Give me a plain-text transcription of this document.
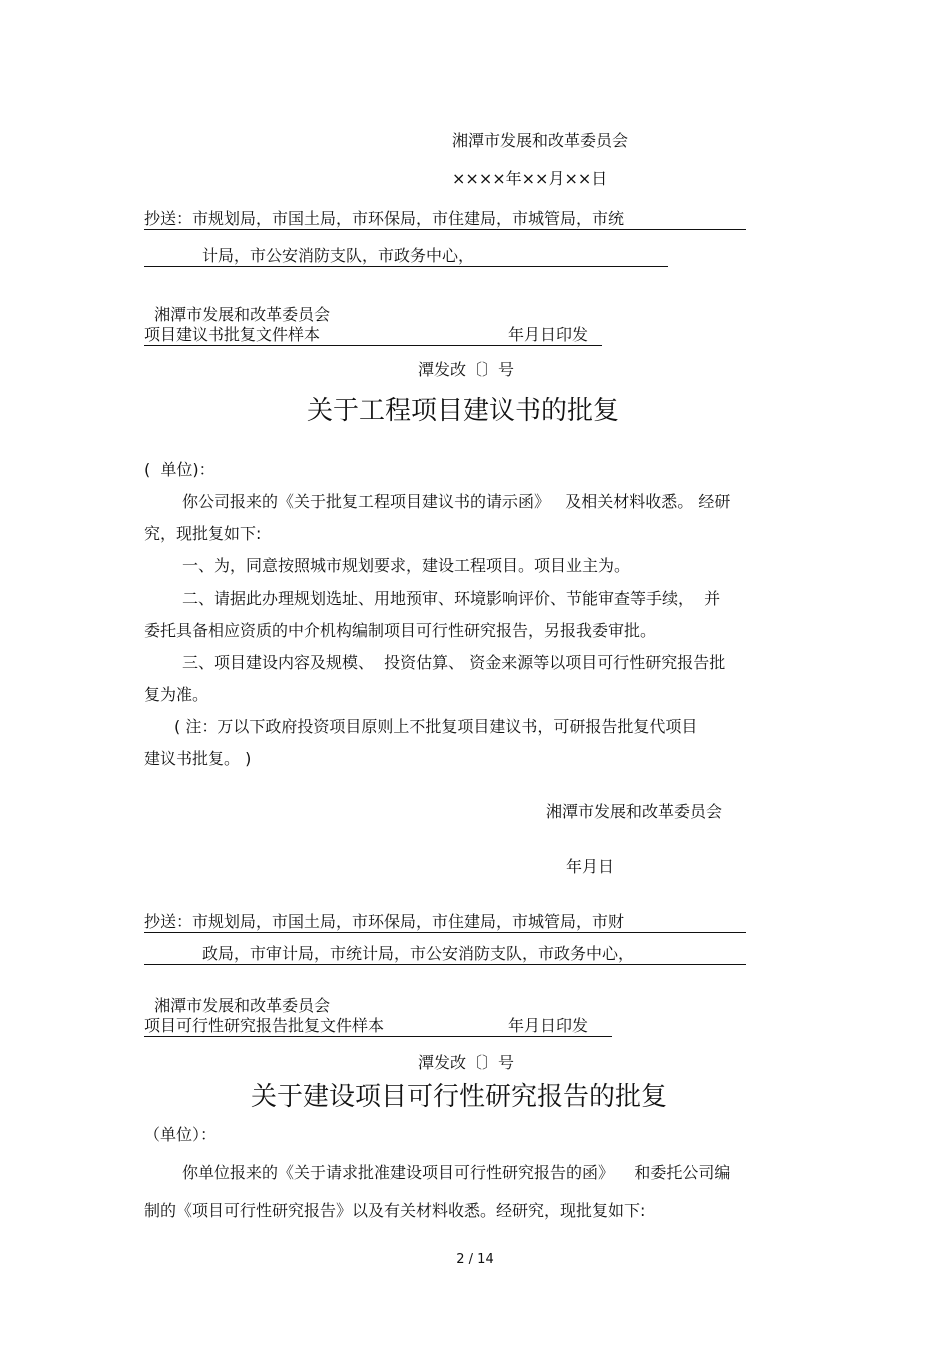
湘潭市发展和改革委员会
××××年××月××日
抄送：市规划局，市国土局，市环保局，市住建局，市城管局，市统
计局，市公安消防支队，市政务中心，

湘潭市发展和改革委员会

年月日印发

项目建议书批复文件样本
潭发改〔〕号
关于工程项目建议书的批复
(  单位)：
你公司报来的《关于批复工程项目建议书的请示函》   及相关材料收悉。 经研
究，现批复如下:
一、为，同意按照城市规划要求，建设工程项目。项目业主为。
二、请据此办理规划选址、用地预审、环境影响评价、节能审查等手续，  并
委托具备相应资质的中介机构编制项目可行性研究报告，另报我委审批。
三、项目建设内容及规模、  投资估算、 资金来源等以项目可行性研究报告批
复为准。
( 注：万以下政府投资项目原则上不批复项目建议书，可研报告批复代项目
建议书批复。 )
湘潭市发展和改革委员会
年月日
抄送：市规划局，市国土局，市环保局，市住建局，市城管局，市财
政局，市审计局，市统计局，市公安消防支队，市政务中心，

湘潭市发展和改革委员会

年月日印发

项目可行性研究报告批复文件样本
潭发改〔〕号
关于建设项目可行性研究报告的批复
（单位）：
你单位报来的《关于请求批准建设项目可行性研究报告的函》    和委托公司编
制的《项目可行性研究报告》以及有关材料收悉。经研究，现批复如下:
2 / 14
